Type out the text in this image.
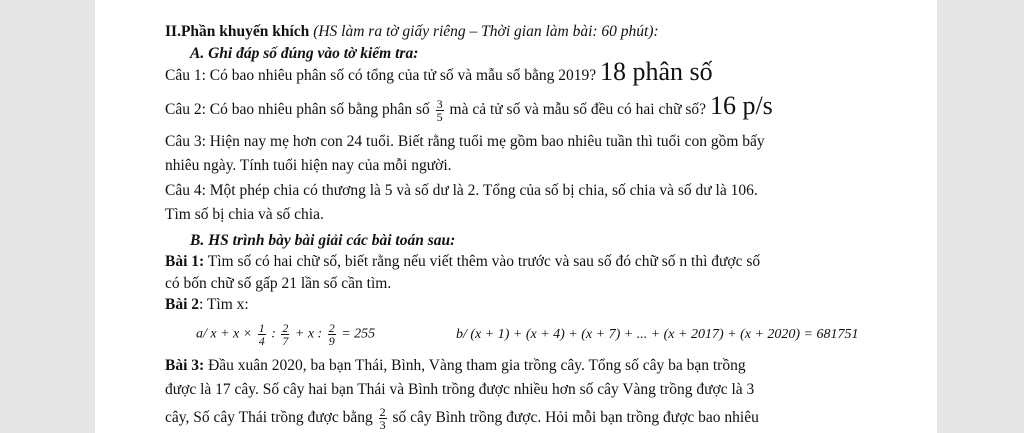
II.Phần khuyến khích (HS làm ra tờ giấy riêng – Thời gian làm bài: 60 phút):
A. Ghi đáp số đúng vào tờ kiểm tra:
Câu 1: Có bao nhiêu phân số có tổng của tử số và mẫu số bằng 2019? 18 phân số
Câu 2: Có bao nhiêu phân số bằng phân số $\frac{3}{5}$ mà cả tử số và mẫu số đều có hai chữ số? 16 p/s
Câu 3: Hiện nay mẹ hơn con 24 tuổi. Biết rằng tuổi mẹ gồm bao nhiêu tuần thì tuổi con gồm bấy
nhiêu ngày. Tính tuổi hiện nay của mỗi người.
Câu 4: Một phép chia có thương là 5 và số dư là 2. Tổng của số bị chia, số chia và số dư là 106.
Tìm số bị chia và số chia.
B. HS trình bày bài giải các bài toán sau:
Bài 1: Tìm số có hai chữ số, biết rằng nếu viết thêm vào trước và sau số đó chữ số n thì được số
có bốn chữ số gấp 21 lần số cần tìm.
Bài 2: Tìm x:
a/ $x + x \times \frac{1}{4}$ : $\frac{2}{7} + x$ : $\frac{2}{9} = 255$	b/ (x + 1) + (x + 4) + (x + 7) + ... + (x + 2017) + (x + 2020) = 681751
Bài 3: Đầu xuân 2020, ba bạn Thái, Bình, Vàng tham gia trồng cây. Tổng số cây ba bạn trồng
được là 17 cây. Số cây hai bạn Thái và Bình trồng được nhiều hơn số cây Vàng trồng được là 3
cây, Số cây Thái trồng được bằng $\frac{2}{3}$ số cây Bình trồng được. Hỏi mỗi bạn trồng được bao nhiêu
